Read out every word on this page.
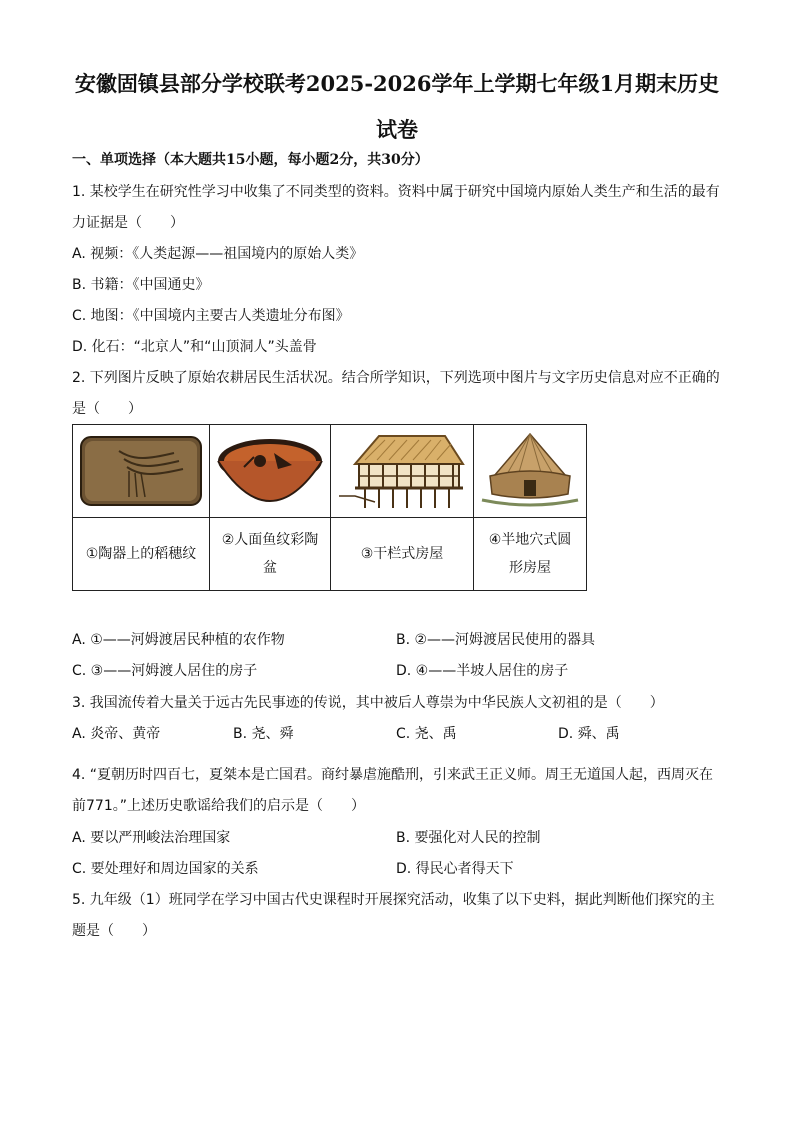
安徽固镇县部分学校联考2025-2026学年上学期七年级1月期末历史
试卷
一、单项选择（本大题共15小题，每小题2分，共30分）
1. 某校学生在研究性学习中收集了不同类型的资料。资料中属于研究中国境内原始人类生产和生活的最有
力证据是（　　）
A. 视频：《人类起源——祖国境内的原始人类》
B. 书籍：《中国通史》
C. 地图：《中国境内主要古人类遗址分布图》
D. 化石：“北京人”和“山顶洞人”头盖骨
2. 下列图片反映了原始农耕居民生活状况。结合所学知识，下列选项中图片与文字历史信息对应不正确的
是（　　）

①陶器上的稻穗纹	②人面鱼纹彩陶
盆	③干栏式房屋	④半地穴式圆
形房屋
A. ①——河姆渡居民种植的农作物	B. ②——河姆渡居民使用的器具
C. ③——河姆渡人居住的房子	D. ④——半坡人居住的房子
3. 我国流传着大量关于远古先民事迹的传说，其中被后人尊崇为中华民族人文初祖的是（　　）
A. 炎帝、黄帝	B. 尧、舜	C. 尧、禹	D. 舜、禹
4. “夏朝历时四百七，夏桀本是亡国君。商纣暴虐施酷刑，引来武王正义师。周王无道国人起，西周灭在
前771。”上述历史歌谣给我们的启示是（　　）
A. 要以严刑峻法治理国家	B. 要强化对人民的控制
C. 要处理好和周边国家的关系	D. 得民心者得天下
5. 九年级（1）班同学在学习中国古代史课程时开展探究活动，收集了以下史料，据此判断他们探究的主
题是（　　）
